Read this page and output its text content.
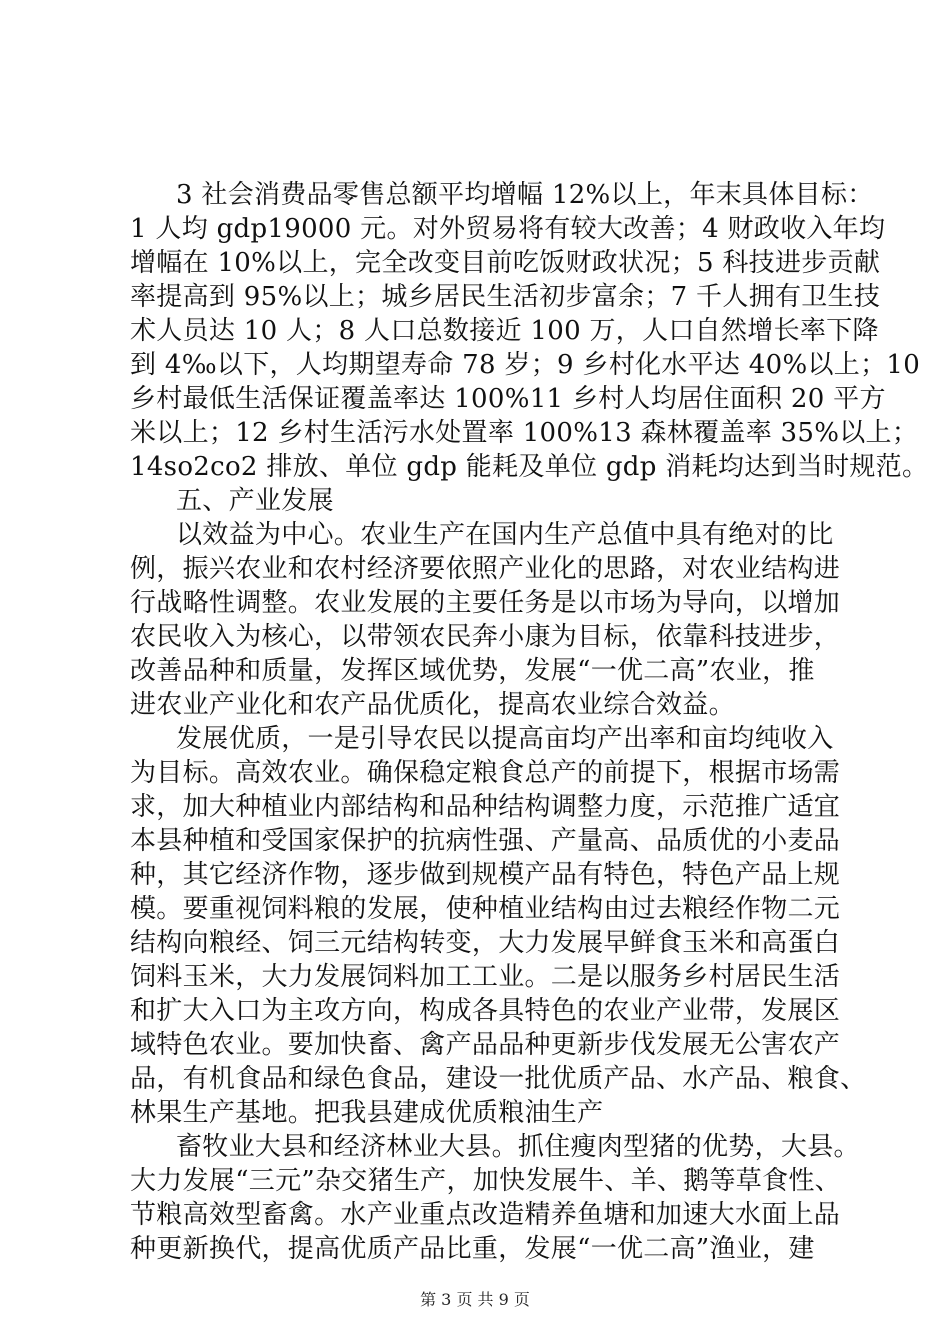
3 社会消费品零售总额平均增幅 12%以上，年末具体目标：
1 人均 gdp19000 元。对外贸易将有较大改善；4 财政收入年均
增幅在 10%以上，完全改变目前吃饭财政状况；5 科技进步贡献
率提高到 95%以上；城乡居民生活初步富余；7 千人拥有卫生技
术人员达 10 人；8 人口总数接近 100 万，人口自然增长率下降
到 4‰以下，人均期望寿命 78 岁；9 乡村化水平达 40%以上；10
乡村最低生活保证覆盖率达 100%11 乡村人均居住面积 20 平方
米以上；12 乡村生活污水处置率 100%13 森林覆盖率 35%以上；
14so2co2 排放、单位 gdp 能耗及单位 gdp 消耗均达到当时规范。
五、产业发展
以效益为中心。农业生产在国内生产总值中具有绝对的比
例，振兴农业和农村经济要依照产业化的思路，对农业结构进
行战略性调整。农业发展的主要任务是以市场为导向，以增加
农民收入为核心，以带领农民奔小康为目标，依靠科技进步，
改善品种和质量，发挥区域优势，发展“一优二高”农业，推
进农业产业化和农产品优质化，提高农业综合效益。
发展优质，一是引导农民以提高亩均产出率和亩均纯收入
为目标。高效农业。确保稳定粮食总产的前提下，根据市场需
求，加大种植业内部结构和品种结构调整力度，示范推广适宜
本县种植和受国家保护的抗病性强、产量高、品质优的小麦品
种，其它经济作物，逐步做到规模产品有特色，特色产品上规
模。要重视饲料粮的发展，使种植业结构由过去粮经作物二元
结构向粮经、饲三元结构转变，大力发展早鲜食玉米和高蛋白
饲料玉米，大力发展饲料加工工业。二是以服务乡村居民生活
和扩大入口为主攻方向，构成各具特色的农业产业带，发展区
域特色农业。要加快畜、禽产品品种更新步伐发展无公害农产
品，有机食品和绿色食品，建设一批优质产品、水产品、粮食、
林果生产基地。把我县建成优质粮油生产
畜牧业大县和经济林业大县。抓住瘦肉型猪的优势，大县。
大力发展“三元”杂交猪生产，加快发展牛、羊、鹅等草食性、
节粮高效型畜禽。水产业重点改造精养鱼塘和加速大水面上品
种更新换代，提高优质产品比重，发展“一优二高”渔业，建
第 3 页 共 9 页
